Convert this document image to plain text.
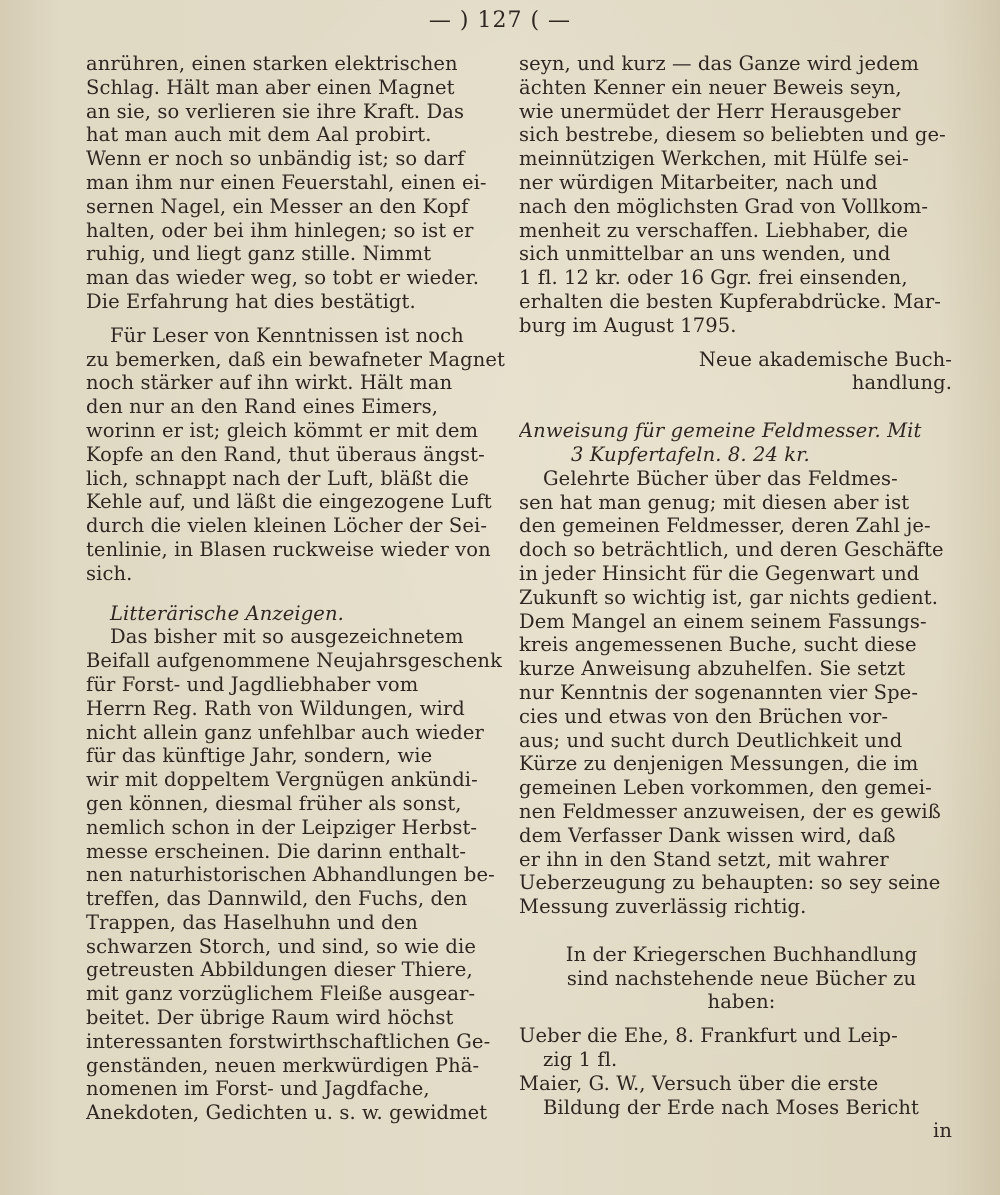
— ) 127 ( —
anrühren, einen starken elektrischen
Schlag. Hält man aber einen Magnet
an sie, so verlieren sie ihre Kraft. Das
hat man auch mit dem Aal probirt.
Wenn er noch so unbändig ist; so darf
man ihm nur einen Feuerstahl, einen ei-
sernen Nagel, ein Messer an den Kopf
halten, oder bei ihm hinlegen; so ist er
ruhig, und liegt ganz stille. Nimmt
man das wieder weg, so tobt er wieder.
Die Erfahrung hat dies bestätigt.
Für Leser von Kenntnissen ist noch
zu bemerken, daß ein bewafneter Magnet
noch stärker auf ihn wirkt. Hält man
den nur an den Rand eines Eimers,
worinn er ist; gleich kömmt er mit dem
Kopfe an den Rand, thut überaus ängst-
lich, schnappt nach der Luft, bläßt die
Kehle auf, und läßt die eingezogene Luft
durch die vielen kleinen Löcher der Sei-
tenlinie, in Blasen ruckweise wieder von
sich.
Litterärische Anzeigen.
Das bisher mit so ausgezeichnetem
Beifall aufgenommene Neujahrsgeschenk
für Forst- und Jagdliebhaber vom
Herrn Reg. Rath von Wildungen, wird
nicht allein ganz unfehlbar auch wieder
für das künftige Jahr, sondern, wie
wir mit doppeltem Vergnügen ankündi-
gen können, diesmal früher als sonst,
nemlich schon in der Leipziger Herbst-
messe erscheinen. Die darinn enthalt-
nen naturhistorischen Abhandlungen be-
treffen, das Dannwild, den Fuchs, den
Trappen, das Haselhuhn und den
schwarzen Storch, und sind, so wie die
getreusten Abbildungen dieser Thiere,
mit ganz vorzüglichem Fleiße ausgear-
beitet. Der übrige Raum wird höchst
interessanten forstwirthschaftlichen Ge-
genständen, neuen merkwürdigen Phä-
nomenen im Forst- und Jagdfache,
Anekdoten, Gedichten u. s. w. gewidmet
seyn, und kurz — das Ganze wird jedem
ächten Kenner ein neuer Beweis seyn,
wie unermüdet der Herr Herausgeber
sich bestrebe, diesem so beliebten und ge-
meinnützigen Werkchen, mit Hülfe sei-
ner würdigen Mitarbeiter, nach und
nach den möglichsten Grad von Vollkom-
menheit zu verschaffen. Liebhaber, die
sich unmittelbar an uns wenden, und
1 fl. 12 kr. oder 16 Ggr. frei einsenden,
erhalten die besten Kupferabdrücke. Mar-
burg im August 1795.
Neue akademische Buch-
handlung.
Anweisung für gemeine Feldmesser. Mit
3 Kupfertafeln. 8. 24 kr.
Gelehrte Bücher über das Feldmes-
sen hat man genug; mit diesen aber ist
den gemeinen Feldmesser, deren Zahl je-
doch so beträchtlich, und deren Geschäfte
in jeder Hinsicht für die Gegenwart und
Zukunft so wichtig ist, gar nichts gedient.
Dem Mangel an einem seinem Fassungs-
kreis angemessenen Buche, sucht diese
kurze Anweisung abzuhelfen. Sie setzt
nur Kenntnis der sogenannten vier Spe-
cies und etwas von den Brüchen vor-
aus; und sucht durch Deutlichkeit und
Kürze zu denjenigen Messungen, die im
gemeinen Leben vorkommen, den gemei-
nen Feldmesser anzuweisen, der es gewiß
dem Verfasser Dank wissen wird, daß
er ihn in den Stand setzt, mit wahrer
Ueberzeugung zu behaupten: so sey seine
Messung zuverlässig richtig.
In der Kriegerschen Buchhandlung
sind nachstehende neue Bücher zu
haben:
Ueber die Ehe, 8. Frankfurt und Leip-
zig 1 fl.
Maier, G. W., Versuch über die erste
Bildung der Erde nach Moses Bericht
in
